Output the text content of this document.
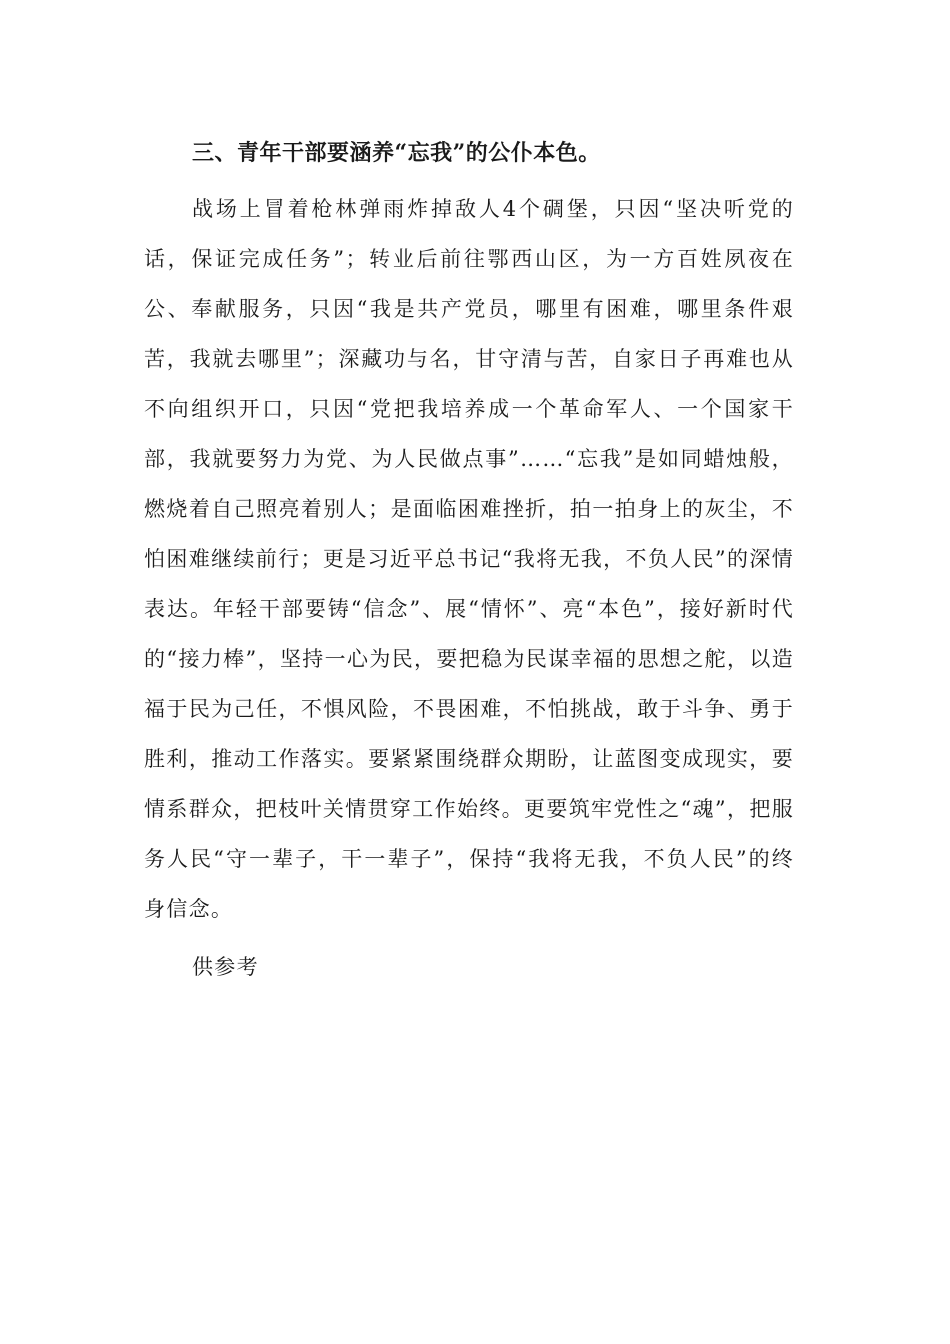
三、青年干部要涵养“忘我”的公仆本色。

战场上冒着枪林弹雨炸掉敌人4个碉堡，只因“坚决听党的话，保证完成任务”；转业后前往鄂西山区，为一方百姓夙夜在公、奉献服务，只因“我是共产党员，哪里有困难，哪里条件艰苦，我就去哪里”；深藏功与名，甘守清与苦，自家日子再难也从不向组织开口，只因“党把我培养成一个革命军人、一个国家干部，我就要努力为党、为人民做点事”……“忘我”是如同蜡烛般，燃烧着自己照亮着别人；是面临困难挫折，拍一拍身上的灰尘，不怕困难继续前行；更是习近平总书记“我将无我，不负人民”的深情表达。年轻干部要铸“信念”、展“情怀”、亮“本色”，接好新时代的“接力棒”，坚持一心为民，要把稳为民谋幸福的思想之舵，以造福于民为己任，不惧风险，不畏困难，不怕挑战，敢于斗争、勇于胜利，推动工作落实。要紧紧围绕群众期盼，让蓝图变成现实，要情系群众，把枝叶关情贯穿工作始终。更要筑牢党性之“魂”，把服务人民“守一辈子，干一辈子”，保持“我将无我，不负人民”的终身信念。

供参考
